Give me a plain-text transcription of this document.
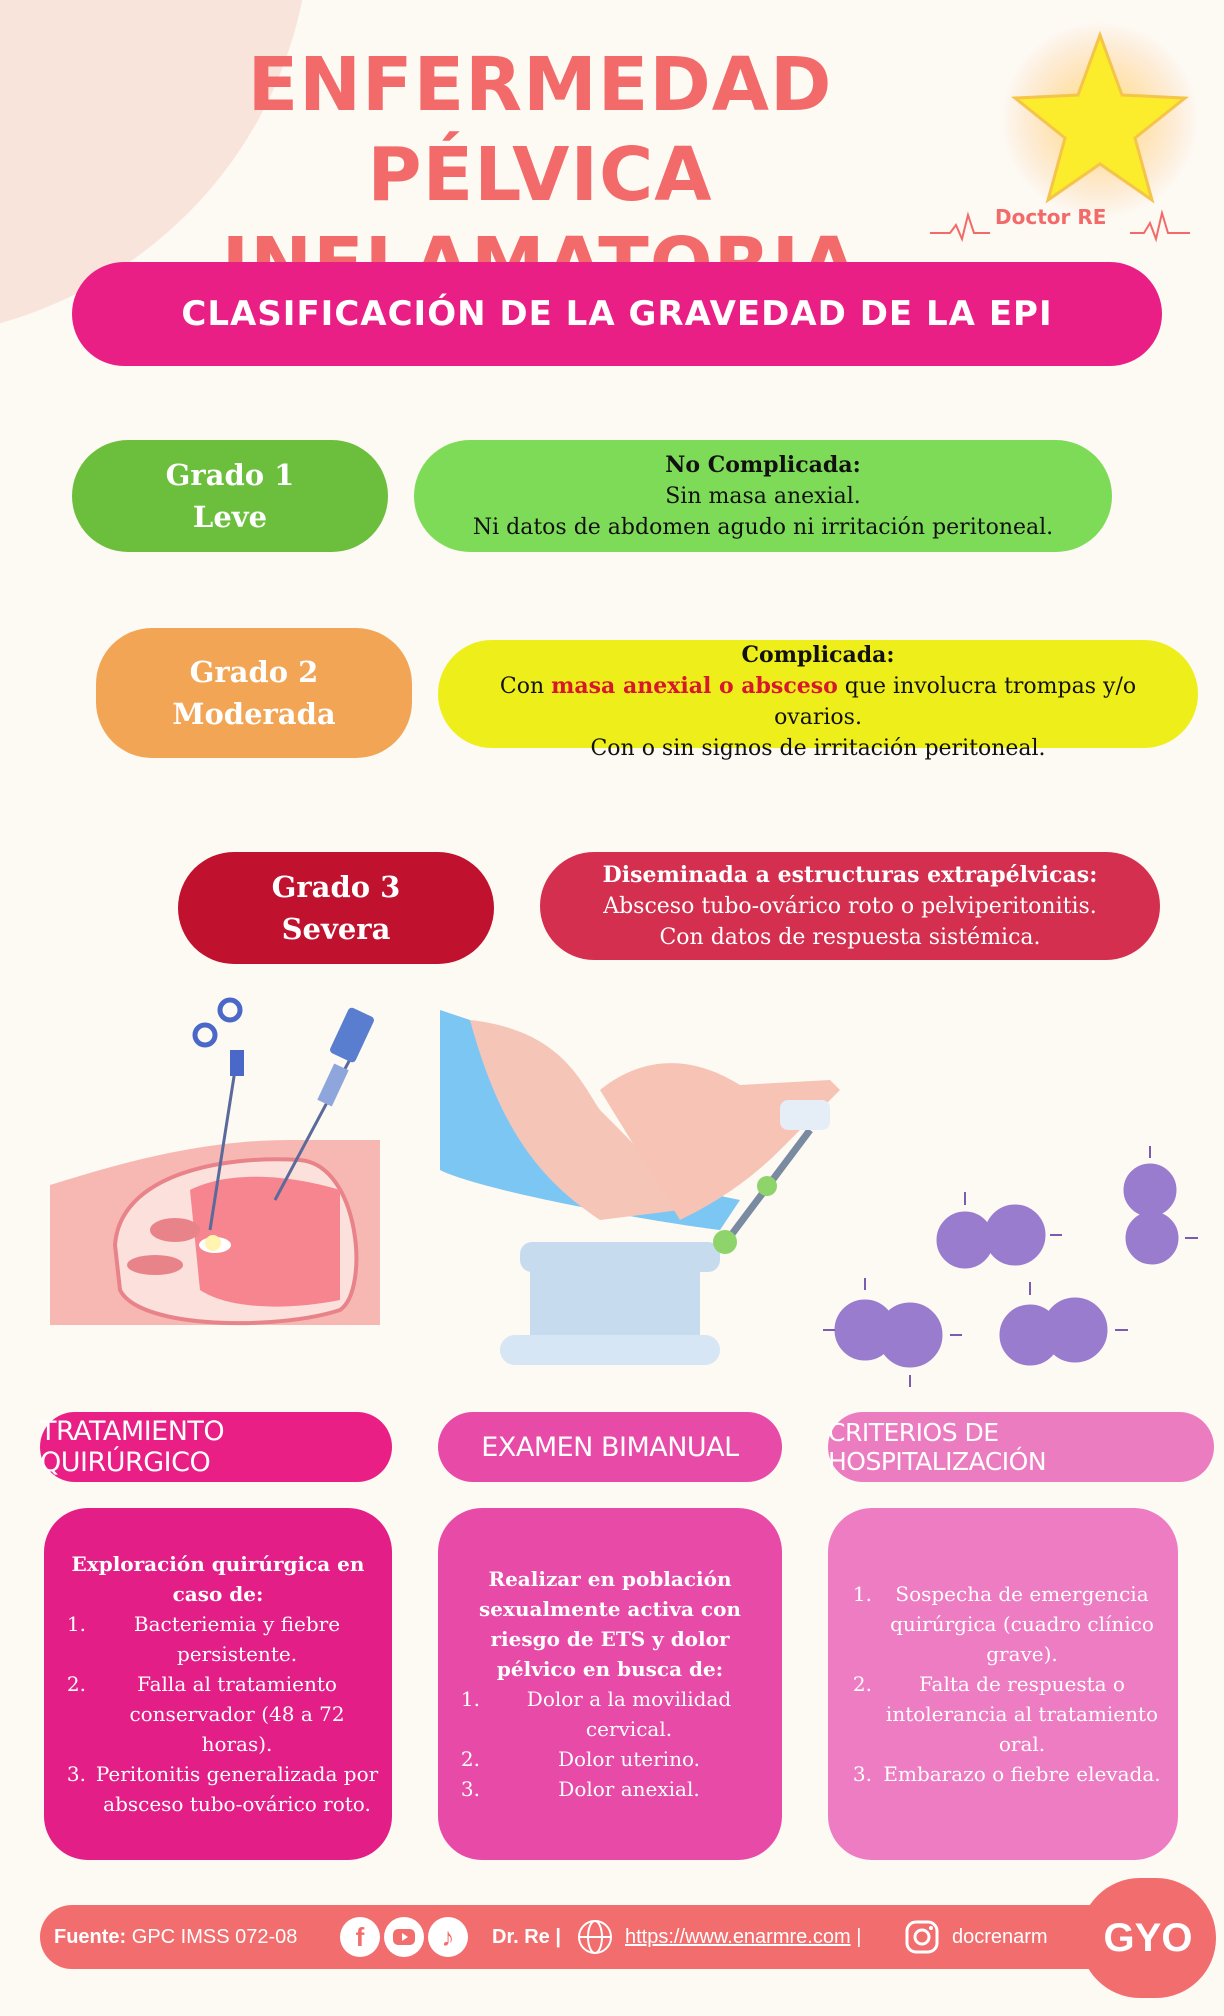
ENFERMEDAD PÉLVICA	Doctor RE
CLASIFICACIÓN DE LA GRAVEDAD DE LA EPI
Grado 1
Leve
No Complicada:
Sin masa anexial.
Ni datos de abdomen agudo ni irritación peritoneal.
Grado 2
Moderada
Complicada:
Con masa anexial o absceso que involucra trompas y/o ovarios.
Con o sin signos de irritación peritoneal.
Grado 3
Severa
Diseminada a estructuras extrapélvicas:
Absceso tubo-ovárico roto o pelviperitonitis.
Con datos de respuesta sistémica.
TRATAMIENTO QUIRÚRGICO	EXAMEN BIMANUAL	CRITERIOS DE HOSPITALIZACIÓN
Exploración quirúrgica en caso de:
1.	Bacteriemia y fiebre persistente.
2.	Falla al tratamiento conservador (48 a 72 horas).
3. Peritonitis generalizada por absceso tubo-ovárico roto.
Realizar en población sexualmente activa con riesgo de ETS y dolor pélvico en busca de:
1.	Dolor a la movilidad cervical.
2.	Dolor uterino.
3.	Dolor anexial.
1.	Sospecha de emergencia quirúrgica (cuadro clínico grave).
2.	Falta de respuesta o intolerancia al tratamiento oral.
3. Embarazo o fiebre elevada.
Fuente:
GPC IMSS 072-08	f	♪	Dr. Re |	https://www.enarmre.com
|	docrenarm	GYO
